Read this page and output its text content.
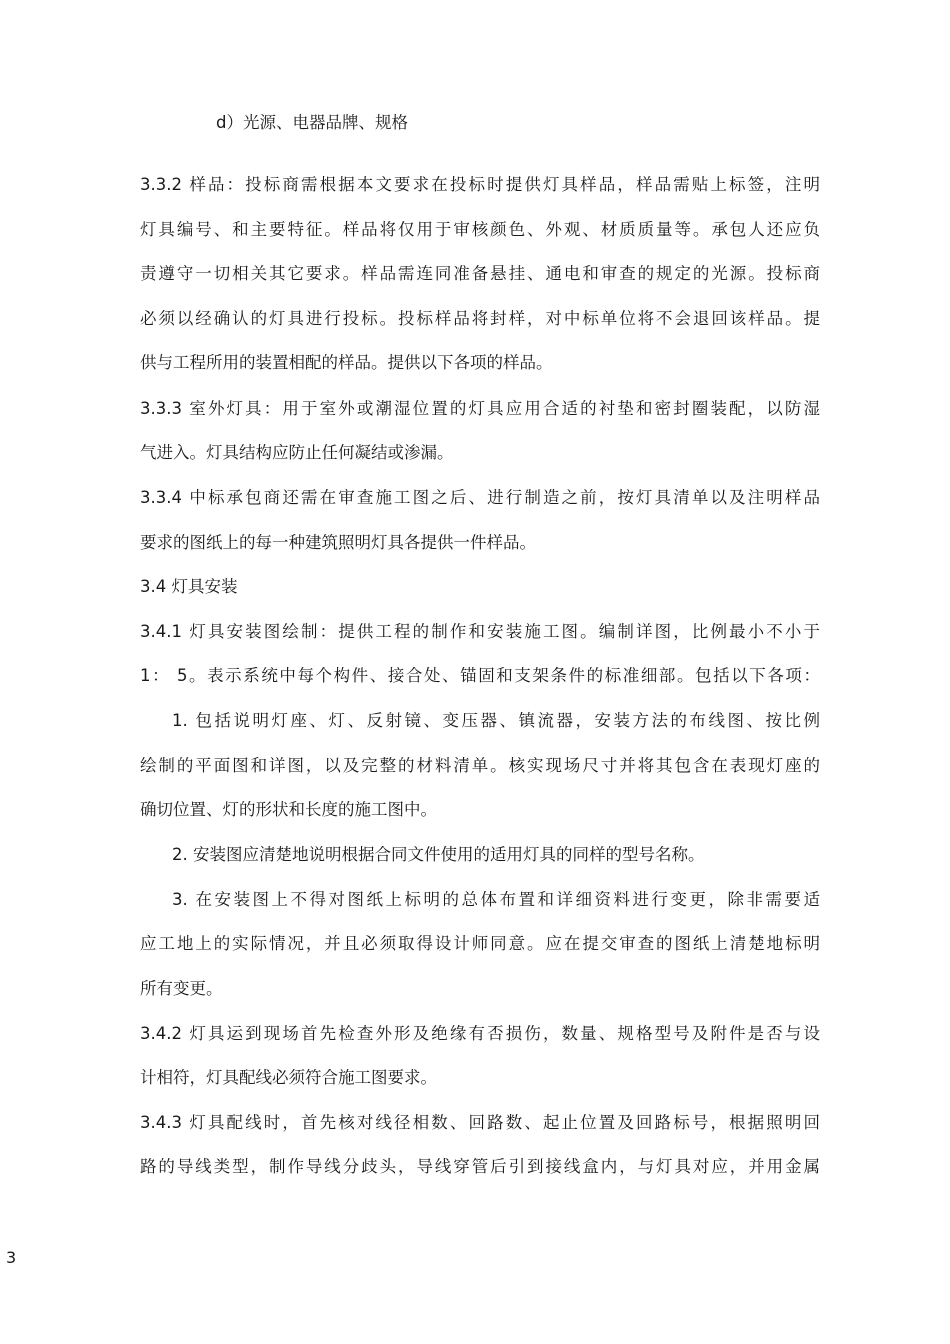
d）光源、电器品牌、规格
3.3.2 样品：投标商需根据本文要求在投标时提供灯具样品，样品需贴上标签，注明
灯具编号、和主要特征。样品将仅用于审核颜色、外观、材质质量等。承包人还应负
责遵守一切相关其它要求。样品需连同准备悬挂、通电和审查的规定的光源。投标商
必须以经确认的灯具进行投标。投标样品将封样，对中标单位将不会退回该样品。提
供与工程所用的装置相配的样品。提供以下各项的样品。
3.3.3 室外灯具：用于室外或潮湿位置的灯具应用合适的衬垫和密封圈装配，以防湿
气进入。灯具结构应防止任何凝结或渗漏。
3.3.4 中标承包商还需在审查施工图之后、进行制造之前，按灯具清单以及注明样品
要求的图纸上的每一种建筑照明灯具各提供一件样品。
3.4 灯具安装
3.4.1 灯具安装图绘制：提供工程的制作和安装施工图。编制详图，比例最小不小于
1： 5。表示系统中每个构件、接合处、锚固和支架条件的标准细部。包括以下各项：
1. 包括说明灯座、灯、反射镜、变压器、镇流器，安装方法的布线图、按比例
绘制的平面图和详图，以及完整的材料清单。核实现场尺寸并将其包含在表现灯座的
确切位置、灯的形状和长度的施工图中。
2. 安装图应清楚地说明根据合同文件使用的适用灯具的同样的型号名称。
3. 在安装图上不得对图纸上标明的总体布置和详细资料进行变更，除非需要适
应工地上的实际情况，并且必须取得设计师同意。应在提交审查的图纸上清楚地标明
所有变更。
3.4.2 灯具运到现场首先检查外形及绝缘有否损伤，数量、规格型号及附件是否与设
计相符，灯具配线必须符合施工图要求。
3.4.3 灯具配线时，首先核对线径相数、回路数、起止位置及回路标号，根据照明回
路的导线类型，制作导线分歧头，导线穿管后引到接线盒内，与灯具对应，并用金属
3
